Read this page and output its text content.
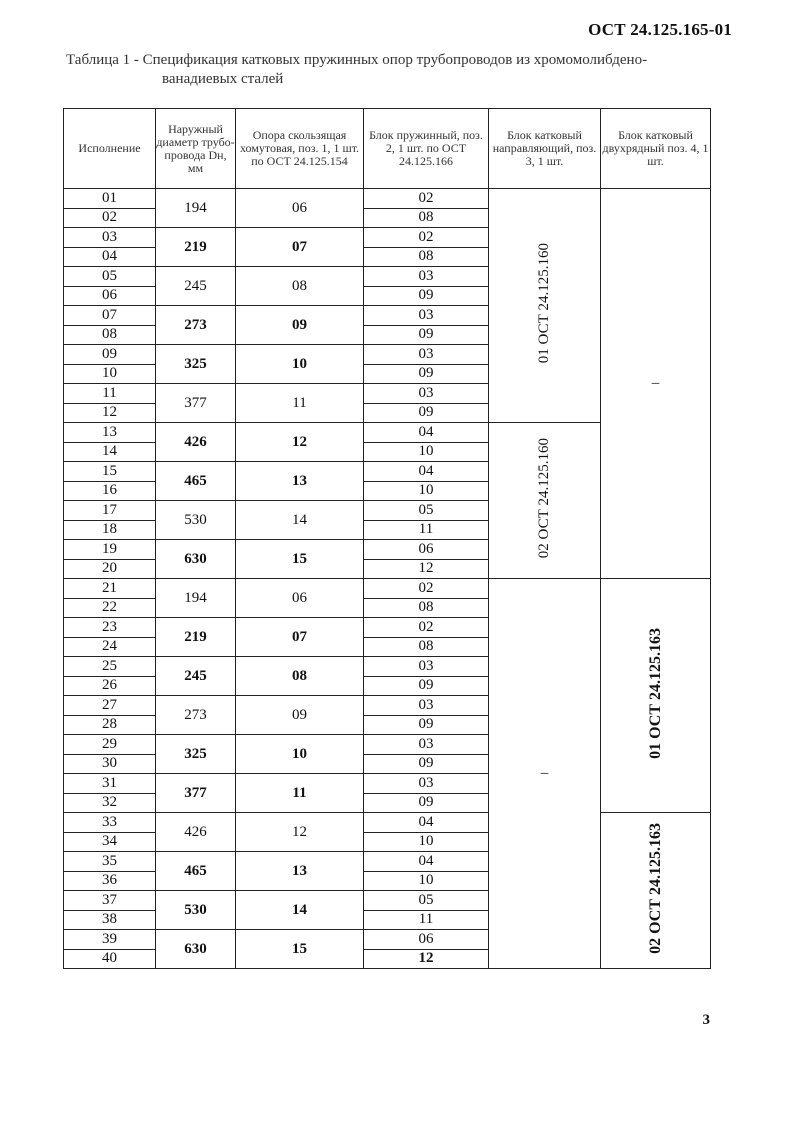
ОСТ 24.125.165-01
Таблица 1 - Спецификация катковых пружинных опор трубопроводов из хромомолибдено-
ванадиевых сталей
Исполнение	Наружный диаметр трубо-провода Dн, мм	Опора скользящая хомутовая, поз. 1, 1 шт. по ОСТ 24.125.154	Блок пружинный, поз. 2, 1 шт. по ОСТ 24.125.166	Блок катковый направляющий, поз. 3, 1 шт.	Блок катковый двухрядный поз. 4, 1 шт.
01	194	06	02	01 ОСТ 24.125.160	–
02			08		
03	219	07	02		
04			08		
05	245	08	03		
06			09		
07	273	09	03		
08			09		
09	325	10	03		
10			09		
11	377	11	03		
12			09		
13	426	12	04	02 ОСТ 24.125.160	
14			10		
15	465	13	04		
16			10		
17	530	14	05		
18			11		
19	630	15	06		
20			12		
21	194	06	02	–	01 ОСТ 24.125.163
22			08		
23	219	07	02		
24			08		
25	245	08	03		
26			09		
27	273	09	03		
28			09		
29	325	10	03		
30			09		
31	377	11	03		
32			09		
33	426	12	04		02 ОСТ 24.125.163
34			10		
35	465	13	04		
36			10		
37	530	14	05		
38			11		
39	630	15	06		
40			12		
3
